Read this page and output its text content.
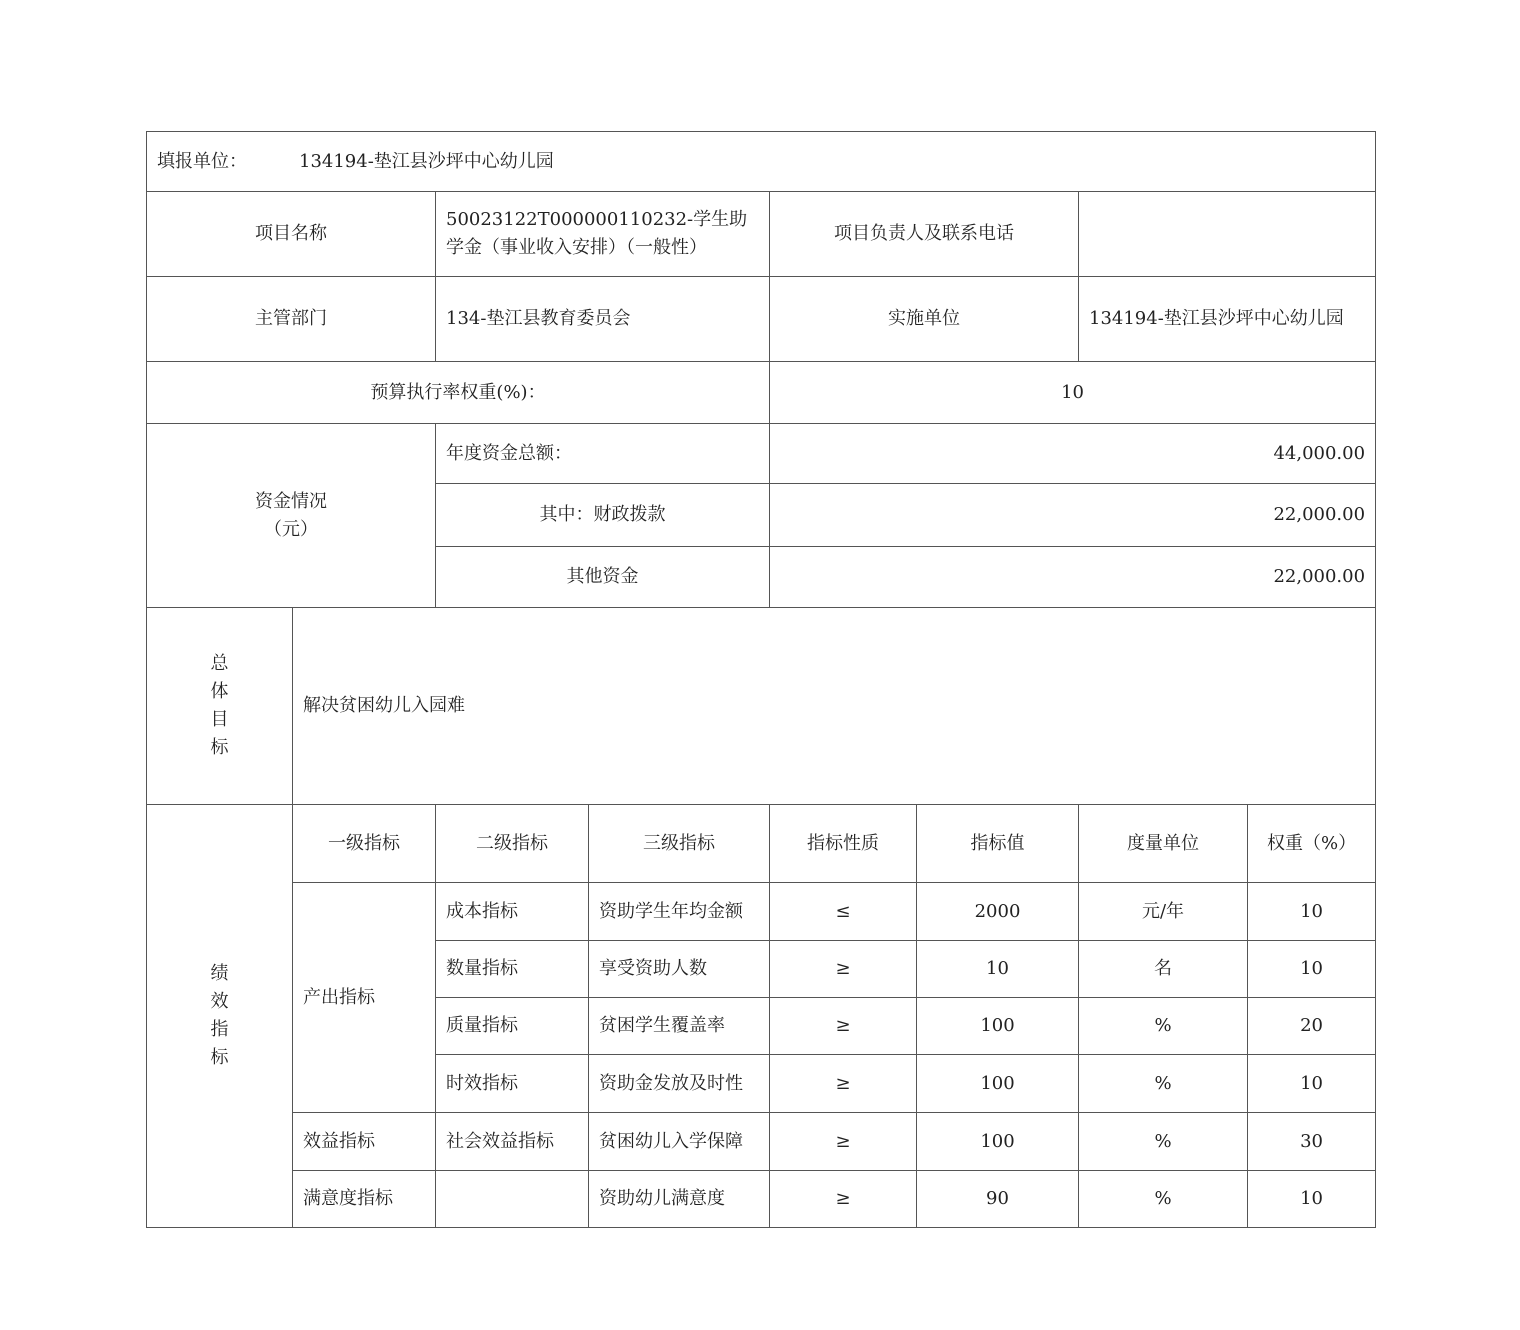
填报单位： 134194-垫江县沙坪中心幼儿园							
项目名称		50023122T000000110232-学生助学金（事业收入安排）（一般性）		项目负责人及联系电话			
主管部门		134-垫江县教育委员会		实施单位		134194-垫江县沙坪中心幼儿园	
预算执行率权重(%)：				10			
资金情况
（元）		年度资金总额：		44,000.00			
		其中：财政拨款		22,000.00			
		其他资金		22,000.00			

总
体
目
标	解决贫困幼儿入园难						

绩
效
指
标	一级指标	二级指标	三级指标	指标性质	指标值	度量单位	权重（%）
	产出指标	成本指标	资助学生年均金额	≤	2000	元/年	10
		数量指标	享受资助人数	≥	10	名	10
		质量指标	贫困学生覆盖率	≥	100	%	20
		时效指标	资助金发放及时性	≥	100	%	10
	效益指标	社会效益指标	贫困幼儿入学保障	≥	100	%	30
	满意度指标		资助幼儿满意度	≥	90	%	10
